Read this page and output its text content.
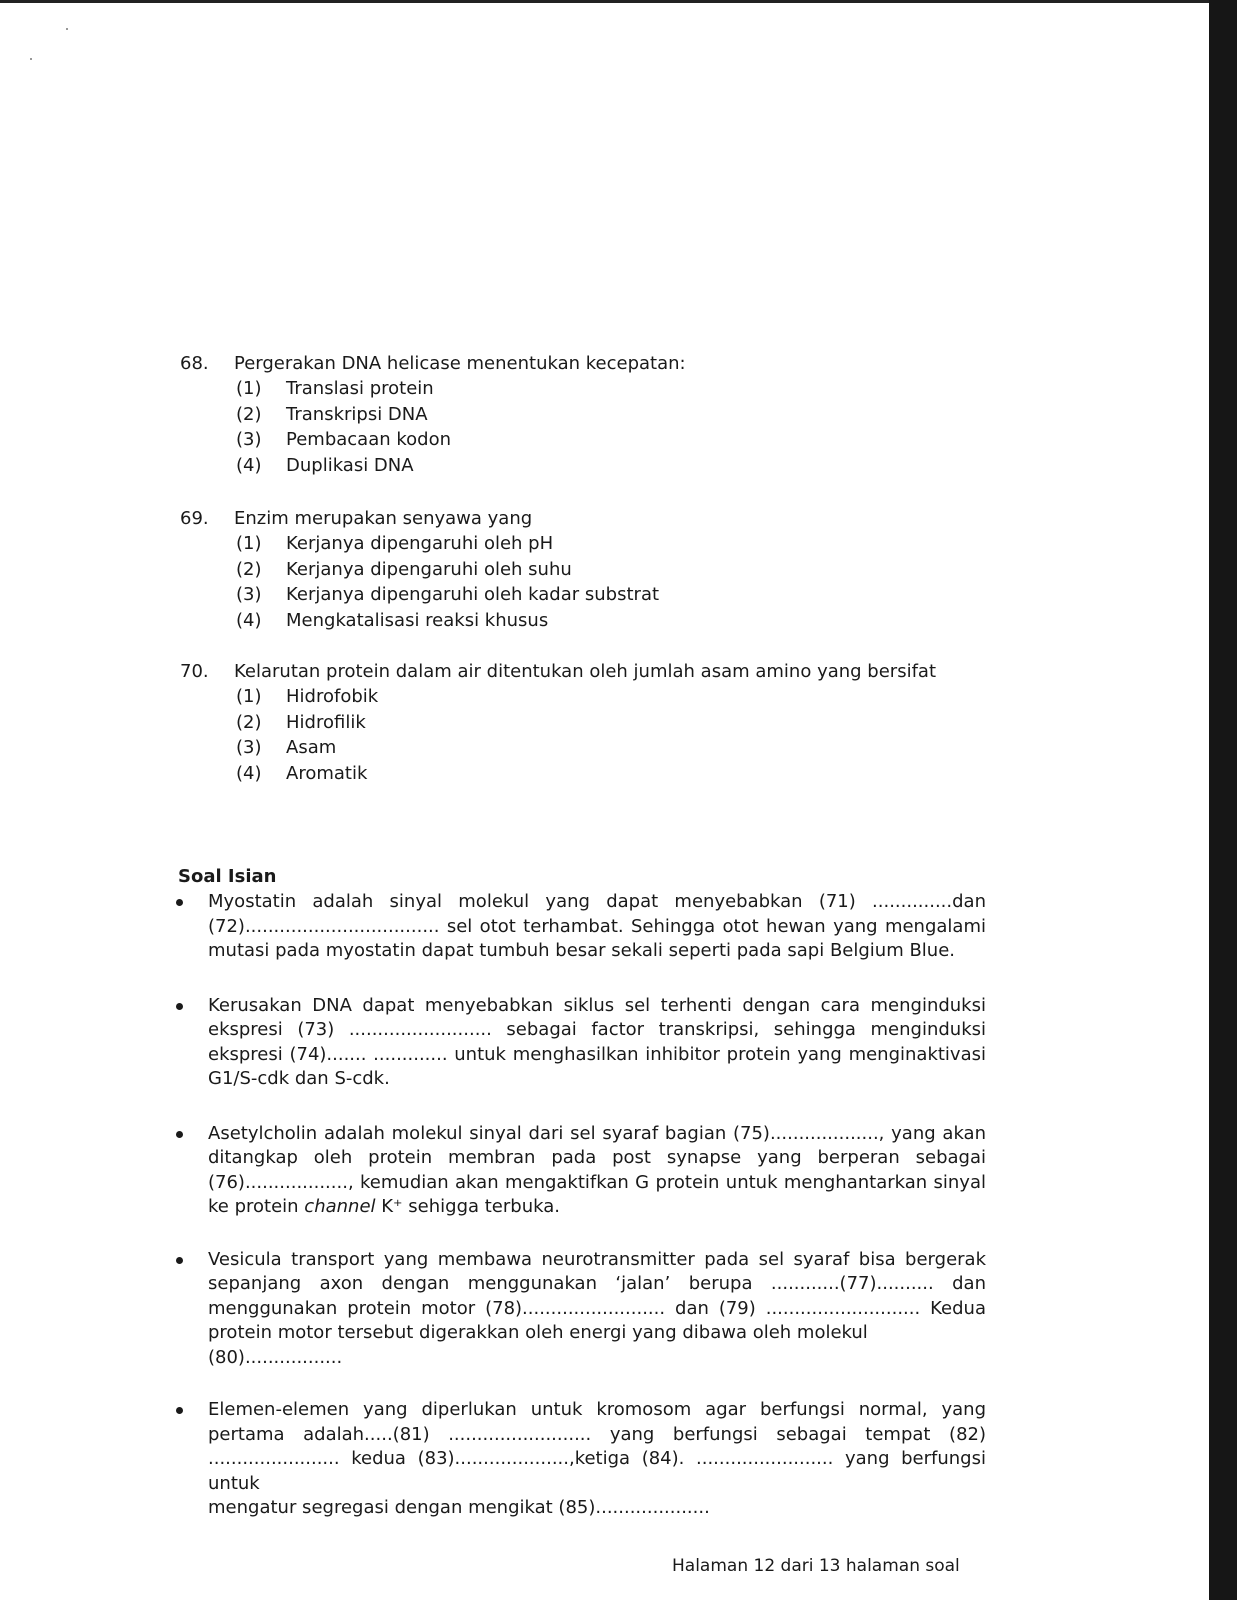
68. Pergerakan DNA helicase menentukan kecepatan:
(1) Translasi protein
(2) Transkripsi DNA
(3) Pembacaan kodon
(4) Duplikasi DNA
69. Enzim merupakan senyawa yang
(1) Kerjanya dipengaruhi oleh pH
(2) Kerjanya dipengaruhi oleh suhu
(3) Kerjanya dipengaruhi oleh kadar substrat
(4) Mengkatalisasi reaksi khusus
70. Kelarutan protein dalam air ditentukan oleh jumlah asam amino yang bersifat
(1) Hidrofobik
(2) Hidrofilik
(3) Asam
(4) Aromatik
Soal Isian
Myostatin adalah sinyal molekul yang dapat menyebabkan (71) ..............dan (72).................................. sel otot terhambat. Sehingga otot hewan yang mengalami mutasi pada myostatin dapat tumbuh besar sekali seperti pada sapi Belgium Blue.
Kerusakan DNA dapat menyebabkan siklus sel terhenti dengan cara menginduksi ekspresi (73) ......................... sebagai factor transkripsi, sehingga menginduksi ekspresi (74)....... ............. untuk menghasilkan inhibitor protein yang menginaktivasi G1/S-cdk dan S-cdk.
Asetylcholin adalah molekul sinyal dari sel syaraf bagian (75)..................., yang akan ditangkap oleh protein membran pada post synapse yang berperan sebagai (76).................., kemudian akan mengaktifkan G protein untuk menghantarkan sinyal ke protein channel K⁺ sehigga terbuka.
Vesicula transport yang membawa neurotransmitter pada sel syaraf bisa bergerak sepanjang axon dengan menggunakan ‘jalan’ berupa ............(77).......... dan menggunakan protein motor (78)......................... dan (79) ........................... Kedua protein motor tersebut digerakkan oleh energi yang dibawa oleh molekul
(80).................
Elemen-elemen yang diperlukan untuk kromosom agar berfungsi normal, yang pertama adalah.....(81) ......................... yang berfungsi sebagai tempat (82) ....................... kedua (83)....................,ketiga (84). ........................ yang berfungsi untuk
mengatur segregasi dengan mengikat (85)....................
Halaman 12 dari 13 halaman soal
